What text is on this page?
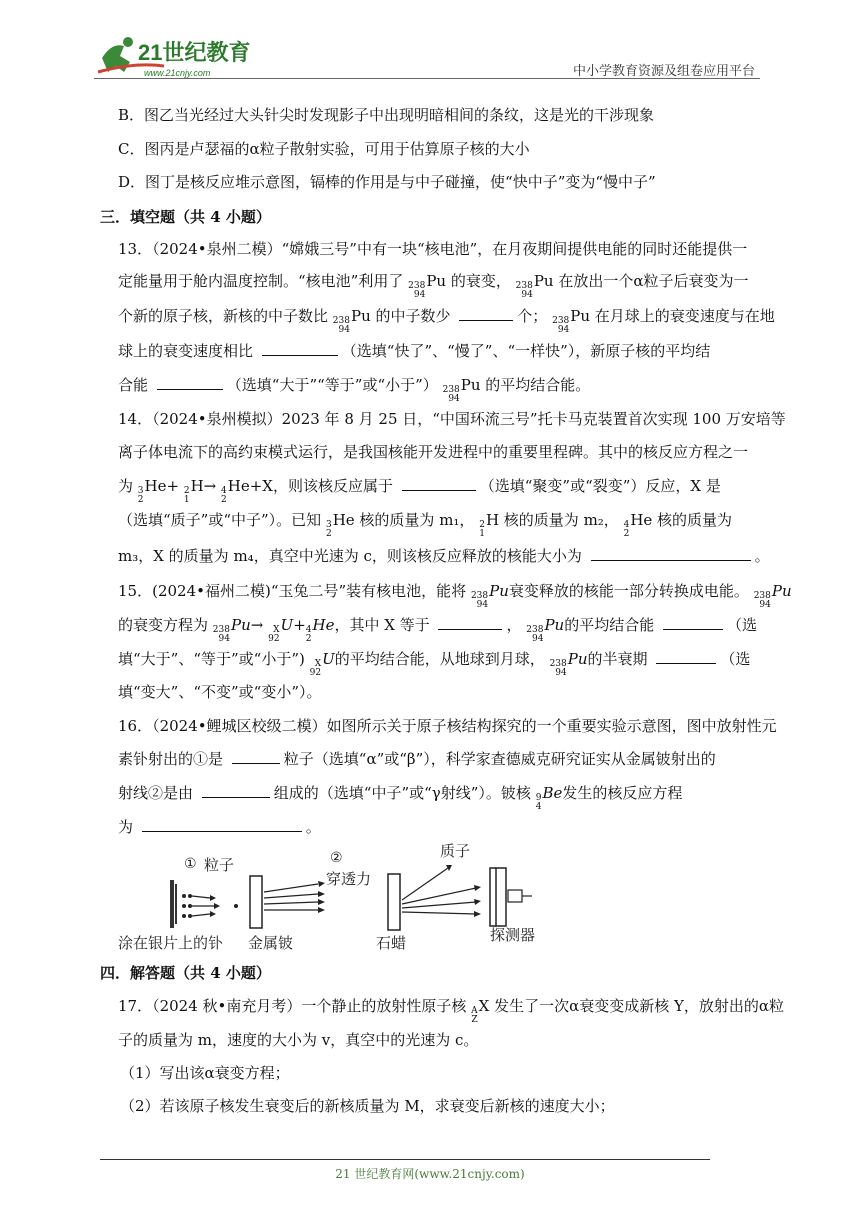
21世纪教育
www.21cnjy.com	中小学教育资源及组卷应用平台
B．图乙当光经过大头针尖时发现影子中出现明暗相间的条纹，这是光的干涉现象
C．图丙是卢瑟福的α粒子散射实验，可用于估算原子核的大小
D．图丁是核反应堆示意图，镉棒的作用是与中子碰撞，使“快中子”变为“慢中子”
三．填空题（共 4 小题）
13．（2024•泉州二模）“嫦娥三号”中有一块“核电池”，在月夜期间提供电能的同时还能提供一
定能量用于舱内温度控制。“核电池”利用了 238
94
Pu 的衰变， 238
94
Pu 在放出一个α粒子后衰变为一
个新的原子核，新核的中子数比 238
94
Pu 的中子数少	个； 238
94
Pu 在月球上的衰变速度与在地
球上的衰变速度相比	（选填“快了”、“慢了”、“一样快”），新原子核的平均结
合能	（选填“大于”“等于”或“小于”） 238
94
Pu 的平均结合能。
14．（2024•泉州模拟）2023 年 8 月 25 日，“中国环流三号”托卡马克装置首次实现 100 万安培等
离子体电流下的高约束模式运行，是我国核能开发进程中的重要里程碑。其中的核反应方程之一
为 3
2
He+ 2
1
H→ 4
2
He+X，则该核反应属于	（选填“聚变”或“裂变”）反应，X 是
（选填“质子”或“中子”）。已知 3
2
He 核的质量为 m₁， 2
1
H 核的质量为 m₂， 4
2
He 核的质量为
m₃，X 的质量为 m₄，真空中光速为 c，则该核反应释放的核能大小为	。
15．(2024•福州二模)“玉兔二号”装有核电池，能将 238
94
Pu衰变释放的核能一部分转换成电能。 238
94
Pu
的衰变方程为 238
94
Pu→ X
92
U+ 4
2
He，其中 X 等于	， 238
94
Pu的平均结合能	（选
填“大于”、“等于”或“小于”)	X
92
U的平均结合能，从地球到月球， 238
94
Pu的半衰期	（选
填“变大”、“不变”或“变小”）。
16．（2024•鲤城区校级二模）如图所示关于原子核结构探究的一个重要实验示意图，图中放射性元
素钋射出的①是	粒子（选填“α”或“β”），科学家查德威克研究证实从金属铍射出的
射线②是由	组成的（选填“中子”或“γ射线”）。铍核 9
4
Be发生的核反应方程
为	。
① 粒子	②
穿透力
质子
涂在银片上的钋 金属铍	石蜡	探测器
四．解答题（共 4 小题）
17．（2024 秋•南充月考）一个静止的放射性原子核 A
Z
X 发生了一次α衰变变成新核 Y，放射出的α粒
子的质量为 m，速度的大小为 v，真空中的光速为 c。
（1）写出该α衰变方程；
（2）若该原子核发生衰变后的新核质量为 M，求衰变后新核的速度大小；
21 世纪教育网(www.21cnjy.com)
